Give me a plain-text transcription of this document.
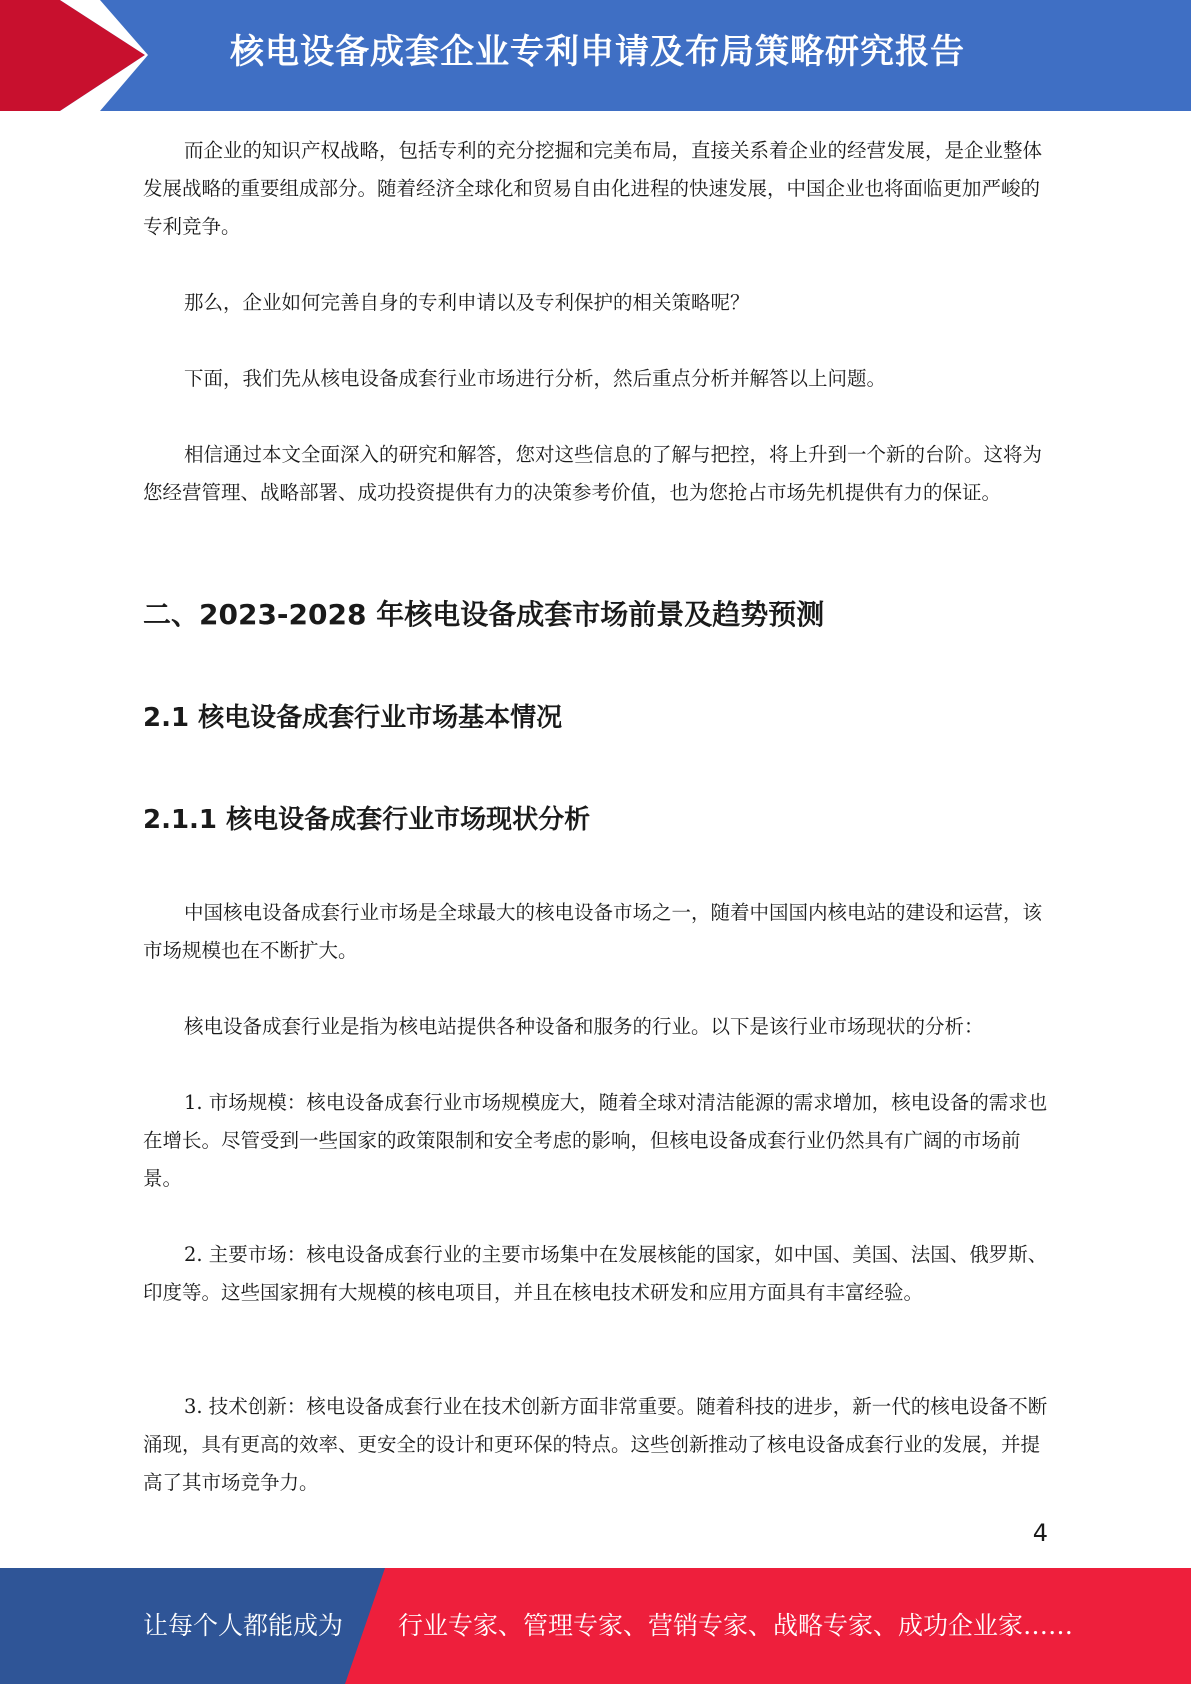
核电设备成套企业专利申请及布局策略研究报告

而企业的知识产权战略，包括专利的充分挖掘和完美布局，直接关系着企业的经营发展，是企业整体发展战略的重要组成部分。随着经济全球化和贸易自由化进程的快速发展，中国企业也将面临更加严峻的专利竞争。

那么，企业如何完善自身的专利申请以及专利保护的相关策略呢？

下面，我们先从核电设备成套行业市场进行分析，然后重点分析并解答以上问题。

相信通过本文全面深入的研究和解答，您对这些信息的了解与把控，将上升到一个新的台阶。这将为您经营管理、战略部署、成功投资提供有力的决策参考价值，也为您抢占市场先机提供有力的保证。

二、2023-2028 年核电设备成套市场前景及趋势预测
2.1 核电设备成套行业市场基本情况
2.1.1 核电设备成套行业市场现状分析

中国核电设备成套行业市场是全球最大的核电设备市场之一，随着中国国内核电站的建设和运营，该市场规模也在不断扩大。

核电设备成套行业是指为核电站提供各种设备和服务的行业。以下是该行业市场现状的分析：

1. 市场规模：核电设备成套行业市场规模庞大，随着全球对清洁能源的需求增加，核电设备的需求也在增长。尽管受到一些国家的政策限制和安全考虑的影响，但核电设备成套行业仍然具有广阔的市场前景。

2. 主要市场：核电设备成套行业的主要市场集中在发展核能的国家，如中国、美国、法国、俄罗斯、印度等。这些国家拥有大规模的核电项目，并且在核电技术研发和应用方面具有丰富经验。

3. 技术创新：核电设备成套行业在技术创新方面非常重要。随着科技的进步，新一代的核电设备不断涌现，具有更高的效率、更安全的设计和更环保的特点。这些创新推动了核电设备成套行业的发展，并提高了其市场竞争力。

4
让每个人都能成为 行业专家、管理专家、营销专家、战略专家、成功企业家……
